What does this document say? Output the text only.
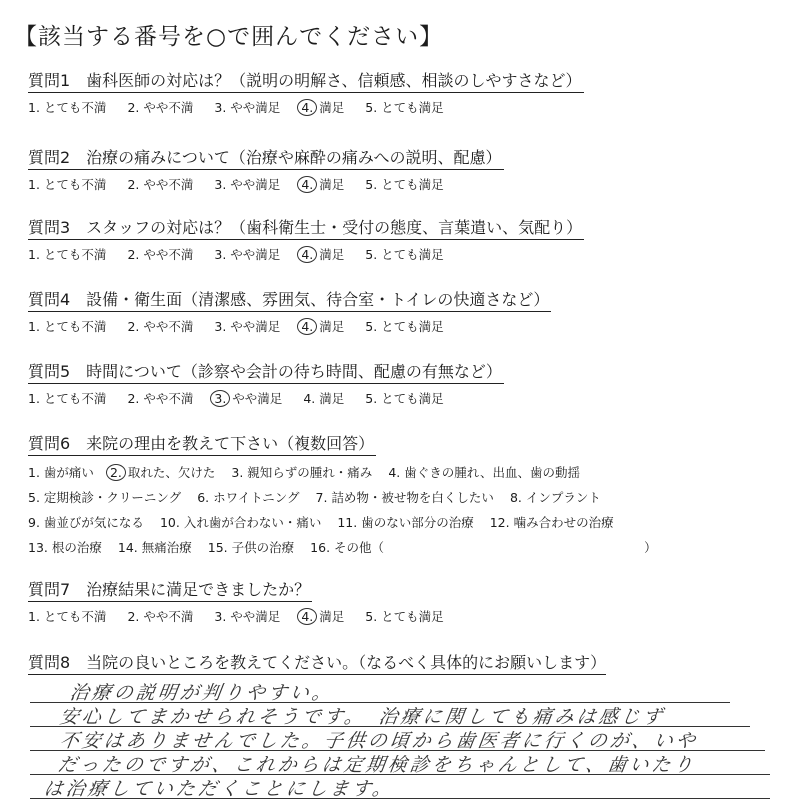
【該当する番号を○で囲んでください】
質問1　歯科医師の対応は？（説明の明解さ、信頼感、相談のしやすさなど）
1. とても不満 2. やや不満 3. やや満足 4. 満足 5. とても満足
質問2　治療の痛みについて（治療や麻酔の痛みへの説明、配慮）
1. とても不満 2. やや不満 3. やや満足 4. 満足 5. とても満足
質問3　スタッフの対応は？（歯科衛生士・受付の態度、言葉遣い、気配り）
1. とても不満 2. やや不満 3. やや満足 4. 満足 5. とても満足
質問4　設備・衛生面（清潔感、雰囲気、待合室・トイレの快適さなど）
1. とても不満 2. やや不満 3. やや満足 4. 満足 5. とても満足
質問5　時間について（診察や会計の待ち時間、配慮の有無など）
1. とても不満 2. やや不満 3. やや満足 4. 満足 5. とても満足
質問6　来院の理由を教えて下さい（複数回答）
1. 歯が痛い 2. 取れた、欠けた 3. 親知らずの腫れ・痛み 4. 歯ぐきの腫れ、出血、歯の動揺
5. 定期検診・クリーニング 6. ホワイトニング 7. 詰め物・被せ物を白くしたい 8. インプラント
9. 歯並びが気になる 10. 入れ歯が合わない・痛い 11. 歯のない部分の治療 12. 噛み合わせの治療
13. 根の治療 14. 無痛治療 15. 子供の治療 16. その他（	）
質問7　治療結果に満足できましたか？
1. とても不満 2. やや不満 3. やや満足 4. 満足 5. とても満足
質問8　当院の良いところを教えてください。（なるべく具体的にお願いします）
治療の説明が判りやすい。
安心してまかせられそうです。　治療に関しても痛みは感じず
不安はありませんでした。子供の頃から歯医者に行くのが、いや
だったのですが、これからは定期検診をちゃんとして、歯いたり
は治療していただくことにします。
